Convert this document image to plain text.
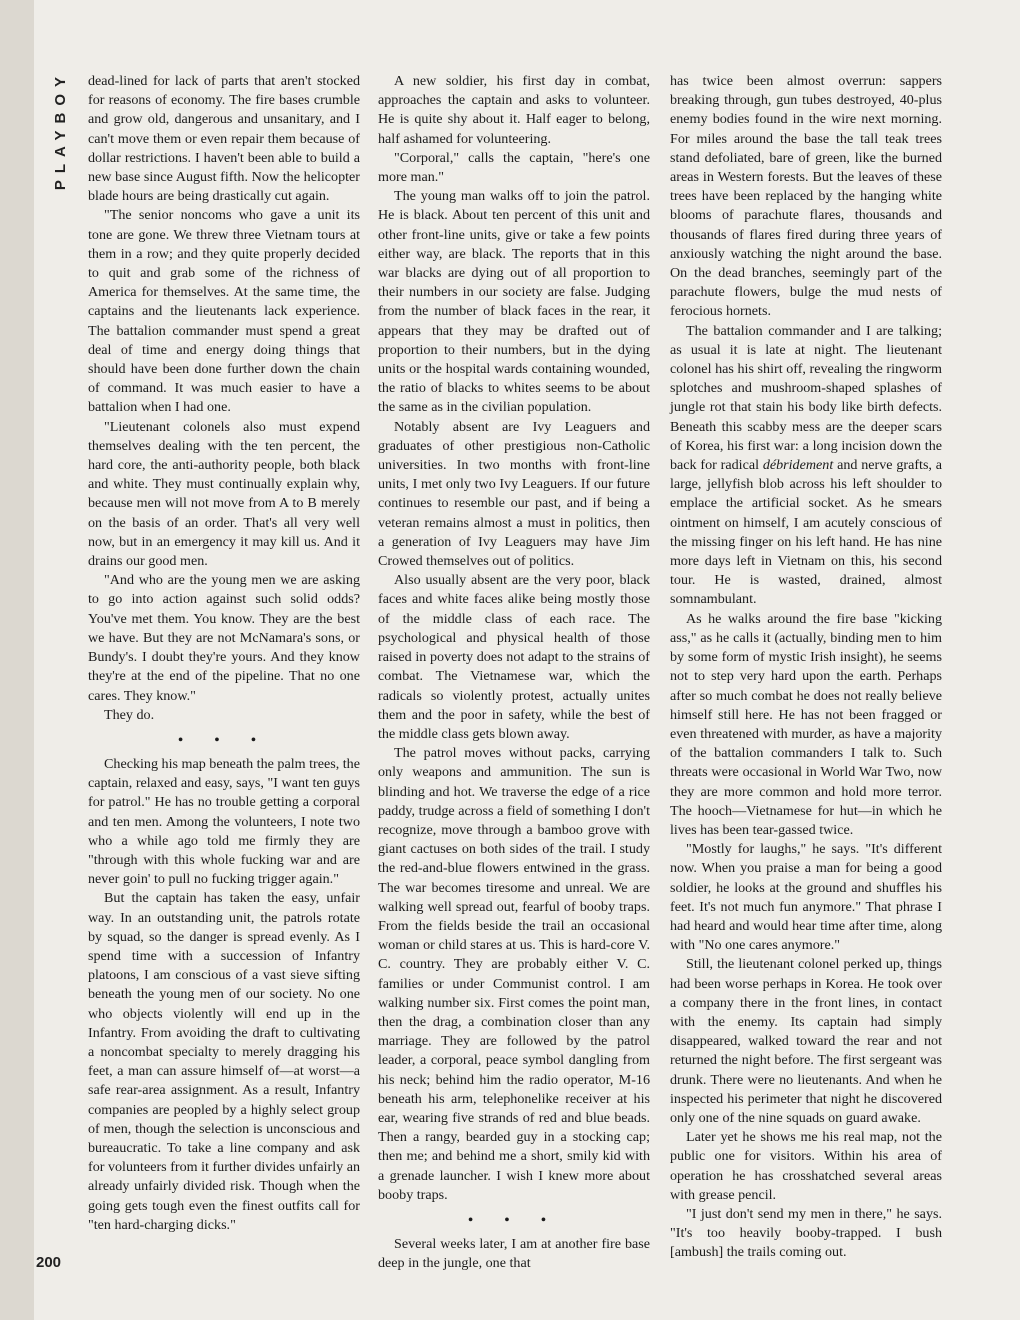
PLAYBOY dead-lined for lack of parts that aren't stocked for reasons of economy. The fire bases crumble and grow old, dangerous and unsanitary, and I can't move them or even repair them because of dollar restrictions. I haven't been able to build a new base since August fifth. Now the helicopter blade hours are being drastically cut again.

"The senior noncoms who gave a unit its tone are gone. We threw three Vietnam tours at them in a row; and they quite properly decided to quit and grab some of the richness of America for themselves. At the same time, the captains and the lieutenants lack experience. The battalion commander must spend a great deal of time and energy doing things that should have been done further down the chain of command. It was much easier to have a battalion when I had one.

"Lieutenant colonels also must expend themselves dealing with the ten percent, the hard core, the anti-authority people, both black and white. They must continually explain why, because men will not move from A to B merely on the basis of an order. That's all very well now, but in an emergency it may kill us. And it drains our good men.

"And who are the young men we are asking to go into action against such solid odds? You've met them. You know. They are the best we have. But they are not McNamara's sons, or Bundy's. I doubt they're yours. And they know they're at the end of the pipeline. That no one cares. They know."

They do.

• • •

Checking his map beneath the palm trees, the captain, relaxed and easy, says, "I want ten guys for patrol." He has no trouble getting a corporal and ten men. Among the volunteers, I note two who a while ago told me firmly they are "through with this whole fucking war and are never goin' to pull no fucking trigger again."

But the captain has taken the easy, unfair way. In an outstanding unit, the patrols rotate by squad, so the danger is spread evenly. As I spend time with a succession of Infantry platoons, I am conscious of a vast sieve sifting beneath the young men of our society. No one who objects violently will end up in the Infantry. From avoiding the draft to cultivating a noncombat specialty to merely dragging his feet, a man can assure himself of—at worst—a safe rear-area assignment. As a result, Infantry companies are peopled by a highly select group of men, though the selection is unconscious and bureaucratic. To take a line company and ask for volunteers from it further divides unfairly an already unfairly divided risk. Though when the going gets tough even the finest outfits call for "ten hard-charging dicks."

A new soldier, his first day in combat, approaches the captain and asks to volunteer. He is quite shy about it. Half eager to belong, half ashamed for volunteering.

"Corporal," calls the captain, "here's one more man."

The young man walks off to join the patrol. He is black. About ten percent of this unit and other front-line units, give or take a few points either way, are black. The reports that in this war blacks are dying out of all proportion to their numbers in our society are false. Judging from the number of black faces in the rear, it appears that they may be drafted out of proportion to their numbers, but in the dying units or the hospital wards containing wounded, the ratio of blacks to whites seems to be about the same as in the civilian population.

Notably absent are Ivy Leaguers and graduates of other prestigious non-Catholic universities. In two months with front-line units, I met only two Ivy Leaguers. If our future continues to resemble our past, and if being a veteran remains almost a must in politics, then a generation of Ivy Leaguers may have Jim Crowed themselves out of politics.

Also usually absent are the very poor, black faces and white faces alike being mostly those of the middle class of each race. The psychological and physical health of those raised in poverty does not adapt to the strains of combat. The Vietnamese war, which the radicals so violently protest, actually unites them and the poor in safety, while the best of the middle class gets blown away.

The patrol moves without packs, carrying only weapons and ammunition. The sun is blinding and hot. We traverse the edge of a rice paddy, trudge across a field of something I don't recognize, move through a bamboo grove with giant cactuses on both sides of the trail. I study the red-and-blue flowers entwined in the grass. The war becomes tiresome and unreal. We are walking well spread out, fearful of booby traps. From the fields beside the trail an occasional woman or child stares at us. This is hard-core V. C. country. They are probably either V. C. families or under Communist control. I am walking number six. First comes the point man, then the drag, a combination closer than any marriage. They are followed by the patrol leader, a corporal, peace symbol dangling from his neck; behind him the radio operator, M-16 beneath his arm, telephonelike receiver at his ear, wearing five strands of red and blue beads. Then a rangy, bearded guy in a stocking cap; then me; and behind me a short, smily kid with a grenade launcher. I wish I knew more about booby traps.

• • •

Several weeks later, I am at another fire base deep in the jungle, one that

has twice been almost overrun: sappers breaking through, gun tubes destroyed, 40-plus enemy bodies found in the wire next morning. For miles around the base the tall teak trees stand defoliated, bare of green, like the burned areas in Western forests. But the leaves of these trees have been replaced by the hanging white blooms of parachute flares, thousands and thousands of flares fired during three years of anxiously watching the night around the base. On the dead branches, seemingly part of the parachute flowers, bulge the mud nests of ferocious hornets.

The battalion commander and I are talking; as usual it is late at night. The lieutenant colonel has his shirt off, revealing the ringworm splotches and mushroom-shaped splashes of jungle rot that stain his body like birth defects. Beneath this scabby mess are the deeper scars of Korea, his first war: a long incision down the back for radical débridement and nerve grafts, a large, jellyfish blob across his left shoulder to emplace the artificial socket. As he smears ointment on himself, I am acutely conscious of the missing finger on his left hand. He has nine more days left in Vietnam on this, his second tour. He is wasted, drained, almost somnambulant.

As he walks around the fire base "kicking ass," as he calls it (actually, binding men to him by some form of mystic Irish insight), he seems not to step very hard upon the earth. Perhaps after so much combat he does not really believe himself still here. He has not been fragged or even threatened with murder, as have a majority of the battalion commanders I talk to. Such threats were occasional in World War Two, now they are more common and hold more terror. The hooch—Vietnamese for hut—in which he lives has been tear-gassed twice.

"Mostly for laughs," he says. "It's different now. When you praise a man for being a good soldier, he looks at the ground and shuffles his feet. It's not much fun anymore." That phrase I had heard and would hear time after time, along with "No one cares anymore."

Still, the lieutenant colonel perked up, things had been worse perhaps in Korea. He took over a company there in the front lines, in contact with the enemy. Its captain had simply disappeared, walked toward the rear and not returned the night before. The first sergeant was drunk. There were no lieutenants. And when he inspected his perimeter that night he discovered only one of the nine squads on guard awake.

Later yet he shows me his real map, not the public one for visitors. Within his area of operation he has crosshatched several areas with grease pencil.

"I just don't send my men in there," he says. "It's too heavily booby-trapped. I bush [ambush] the trails coming out.

200
